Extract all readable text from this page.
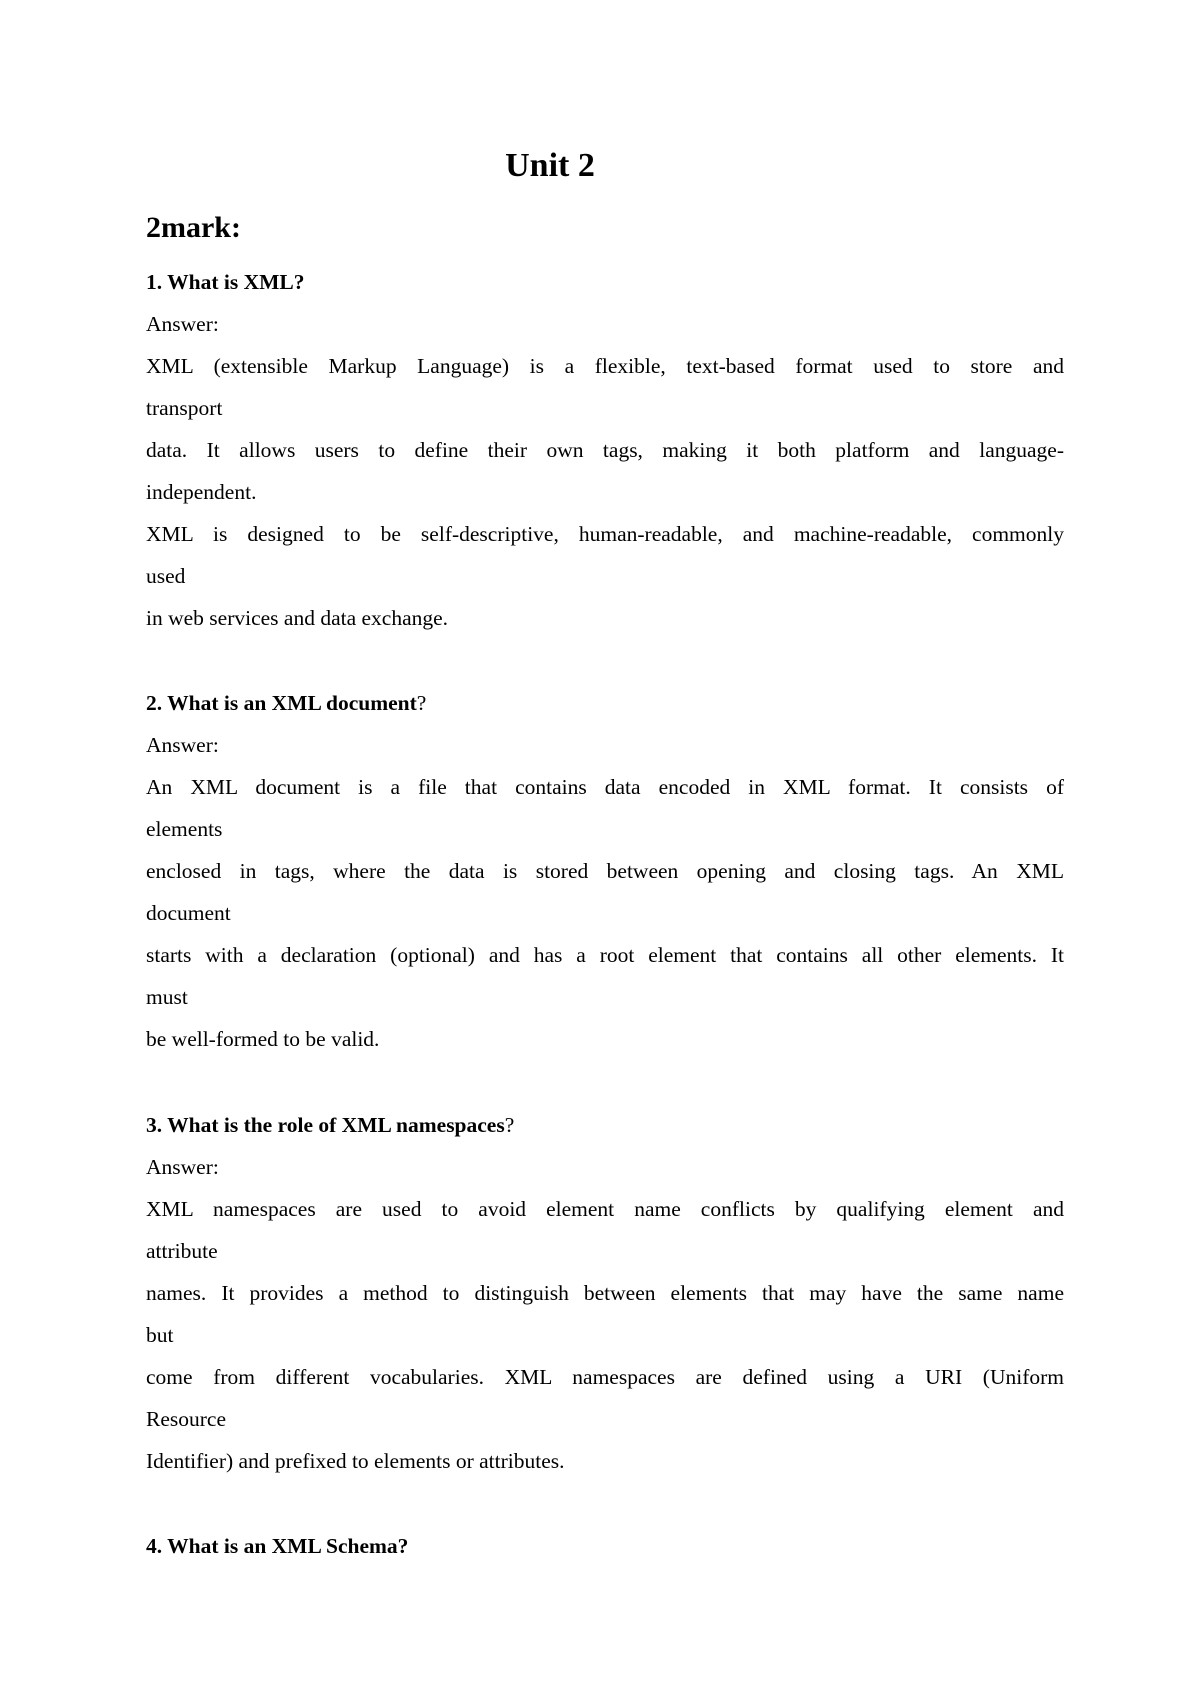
Unit 2
2mark:

1. What is XML?

Answer:

XML (extensible Markup Language) is a flexible, text-based format used to store and

transport

data. It allows users to define their own tags, making it both platform and language-

independent.

XML is designed to be self-descriptive, human-readable, and machine-readable, commonly

used

in web services and data exchange.

2. What is an XML document?

Answer:

An XML document is a file that contains data encoded in XML format. It consists of

elements

enclosed in tags, where the data is stored between opening and closing tags. An XML

document

starts with a declaration (optional) and has a root element that contains all other elements. It

must

be well-formed to be valid.

3. What is the role of XML namespaces?

Answer:

XML namespaces are used to avoid element name conflicts by qualifying element and

attribute

names. It provides a method to distinguish between elements that may have the same name

but

come from different vocabularies. XML namespaces are defined using a URI (Uniform

Resource

Identifier) and prefixed to elements or attributes.

4. What is an XML Schema?
